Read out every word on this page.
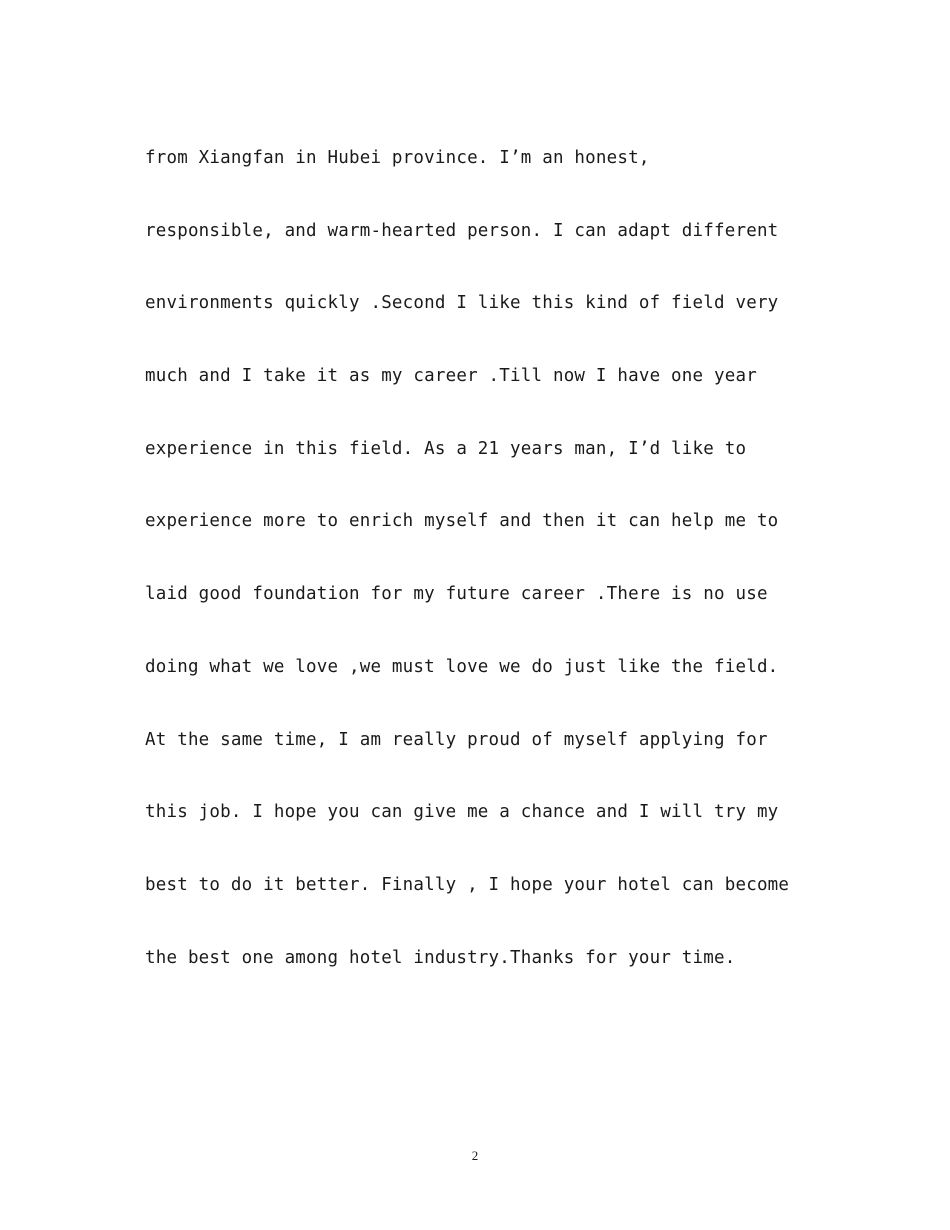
from Xiangfan in Hubei province. I’m an honest,
responsible, and warm-hearted person. I can adapt different
environments quickly .Second I like this kind of field very
much and I take it as my career .Till now I have one year
experience in this field. As a 21 years man, I’d like to
experience more to enrich myself and then it can help me to
laid good foundation for my future career .There is no use
doing what we love ,we must love we do just like the field.
At the same time, I am really proud of myself applying for
this job. I hope you can give me a chance and I will try my
best to do it better. Finally , I hope your hotel can become
the best one among hotel industry.Thanks for your time.
2
